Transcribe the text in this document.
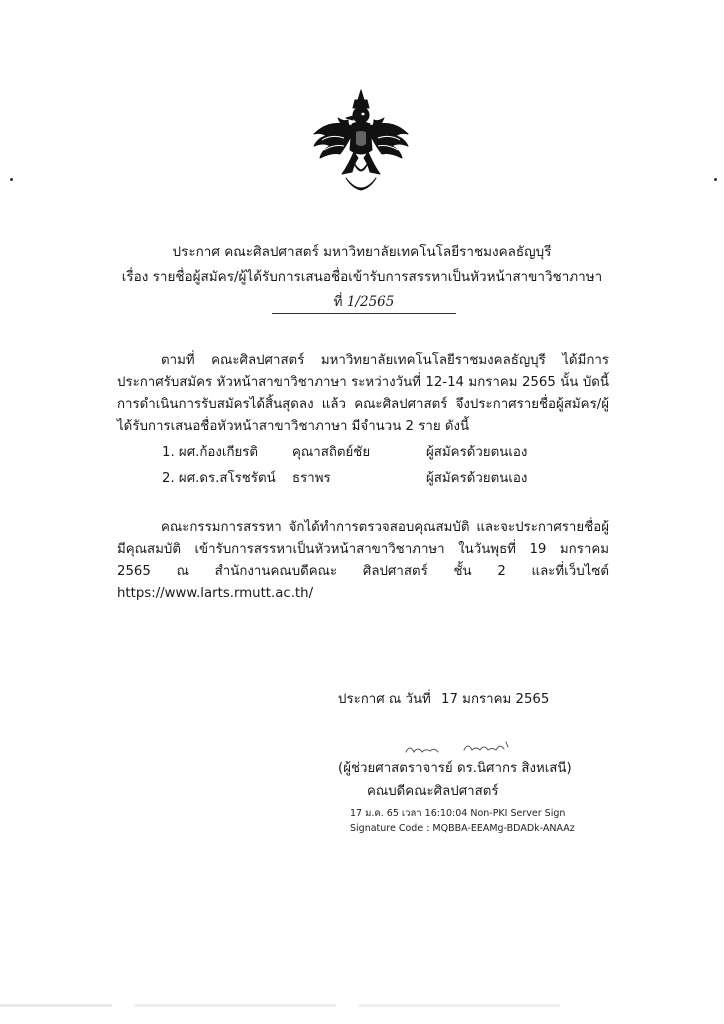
ประกาศ คณะศิลปศาสตร์ มหาวิทยาลัยเทคโนโลยีราชมงคลธัญบุรี
เรื่อง รายชื่อผู้สมัคร/ผู้ได้รับการเสนอชื่อเข้ารับการสรรหาเป็นหัวหน้าสาขาวิชาภาษา
ที่ 1/2565
ตามที่ คณะศิลปศาสตร์ มหาวิทยาลัยเทคโนโลยีราชมงคลธัญบุรี ได้มีการประกาศรับสมัคร หัวหน้าสาขาวิชาภาษา ระหว่างวันที่ 12-14 มกราคม 2565 นั้น บัดนี้ การดำเนินการรับสมัครได้สิ้นสุดลง แล้ว คณะศิลปศาสตร์ จึงประกาศรายชื่อผู้สมัคร/ผู้ได้รับการเสนอชื่อหัวหน้าสาขาวิชาภาษา มีจำนวน 2 ราย ดังนี้
1. ผศ.ก้องเกียรติ	คุณาสถิตย์ชัย	ผู้สมัครด้วยตนเอง
2. ผศ.ดร.สโรชรัตน์ ธราพร	ผู้สมัครด้วยตนเอง
คณะกรรมการสรรหา จักได้ทำการตรวจสอบคุณสมบัติ และจะประกาศรายชื่อผู้มีคุณสมบัติ เข้ารับการสรรหาเป็นหัวหน้าสาขาวิชาภาษา ในวันพุธที่ 19 มกราคม 2565 ณ สำนักงานคณบดีคณะ ศิลปศาสตร์ ชั้น 2 และที่เว็บไซต์ https://www.larts.rmutt.ac.th/
ประกาศ ณ วันที่ 17 มกราคม 2565
(ผู้ช่วยศาสตราจารย์ ดร.นิศากร สิงหเสนี)
คณบดีคณะศิลปศาสตร์
17 ม.ค. 65 เวลา 16:10:04 Non-PKI Server Sign
Signature Code : MQBBA-EEAMg-BDADk-ANAAz
